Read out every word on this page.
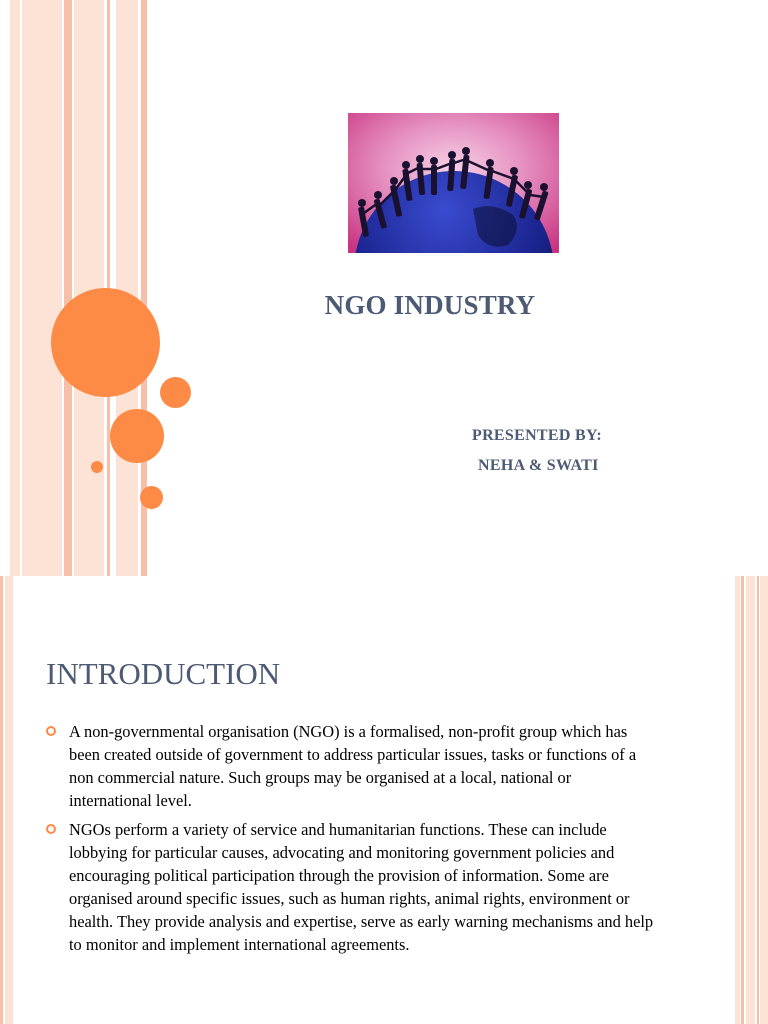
NGO INDUSTRY
PRESENTED BY:
NEHA & SWATI
INTRODUCTION
A non-governmental organisation (NGO) is a formalised, non-profit group which has been created outside of government to address particular issues, tasks or functions of a non commercial nature. Such groups may be organised at a local, national or international level.
NGOs perform a variety of service and humanitarian functions. These can include lobbying for particular causes, advocating and monitoring government policies and encouraging political participation through the provision of information. Some are organised around specific issues, such as human rights, animal rights, environment or health. They provide analysis and expertise, serve as early warning mechanisms and help to monitor and implement international agreements.
